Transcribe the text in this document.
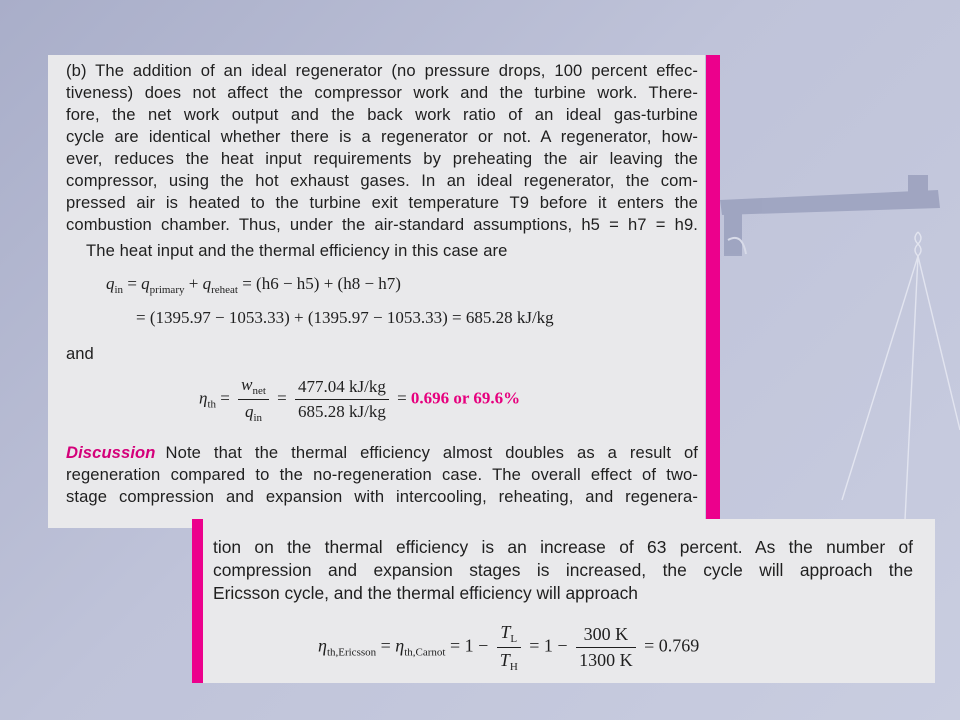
(b) The addition of an ideal regenerator (no pressure drops, 100 percent effec-
tiveness) does not affect the compressor work and the turbine work. There-
fore, the net work output and the back work ratio of an ideal gas-turbine
cycle are identical whether there is a regenerator or not. A regenerator, how-
ever, reduces the heat input requirements by preheating the air leaving the
compressor, using the hot exhaust gases. In an ideal regenerator, the com-
pressed air is heated to the turbine exit temperature T9 before it enters the
combustion chamber. Thus, under the air-standard assumptions, h5 = h7 = h9.
The heat input and the thermal efficiency in this case are
$q_{in} = q_{primary} + q_{reheat} = (h6 - h5) + (h8 - h7)$
= (1395.97 − 1053.33) + (1395.97 − 1053.33) = 685.28 kJ/kg
and
$\eta_{th} = \frac{w_{net}}{q_{in}} = \frac{477.04 kJ/kg}{685.28 kJ/kg} = 0.696$ or 69.6%
Discussion Note that the thermal efficiency almost doubles as a result of
regeneration compared to the no-regeneration case. The overall effect of two-
stage compression and expansion with intercooling, reheating, and regenera-
tion on the thermal efficiency is an increase of 63 percent. As the number of
compression and expansion stages is increased, the cycle will approach the
Ericsson cycle, and the thermal efficiency will approach
$\eta_{th,Ericsson} = \eta_{th,Carnot} = 1 - \frac{T_L}{T_H} = 1 - \frac{300 K}{1300 K} = 0.769$
